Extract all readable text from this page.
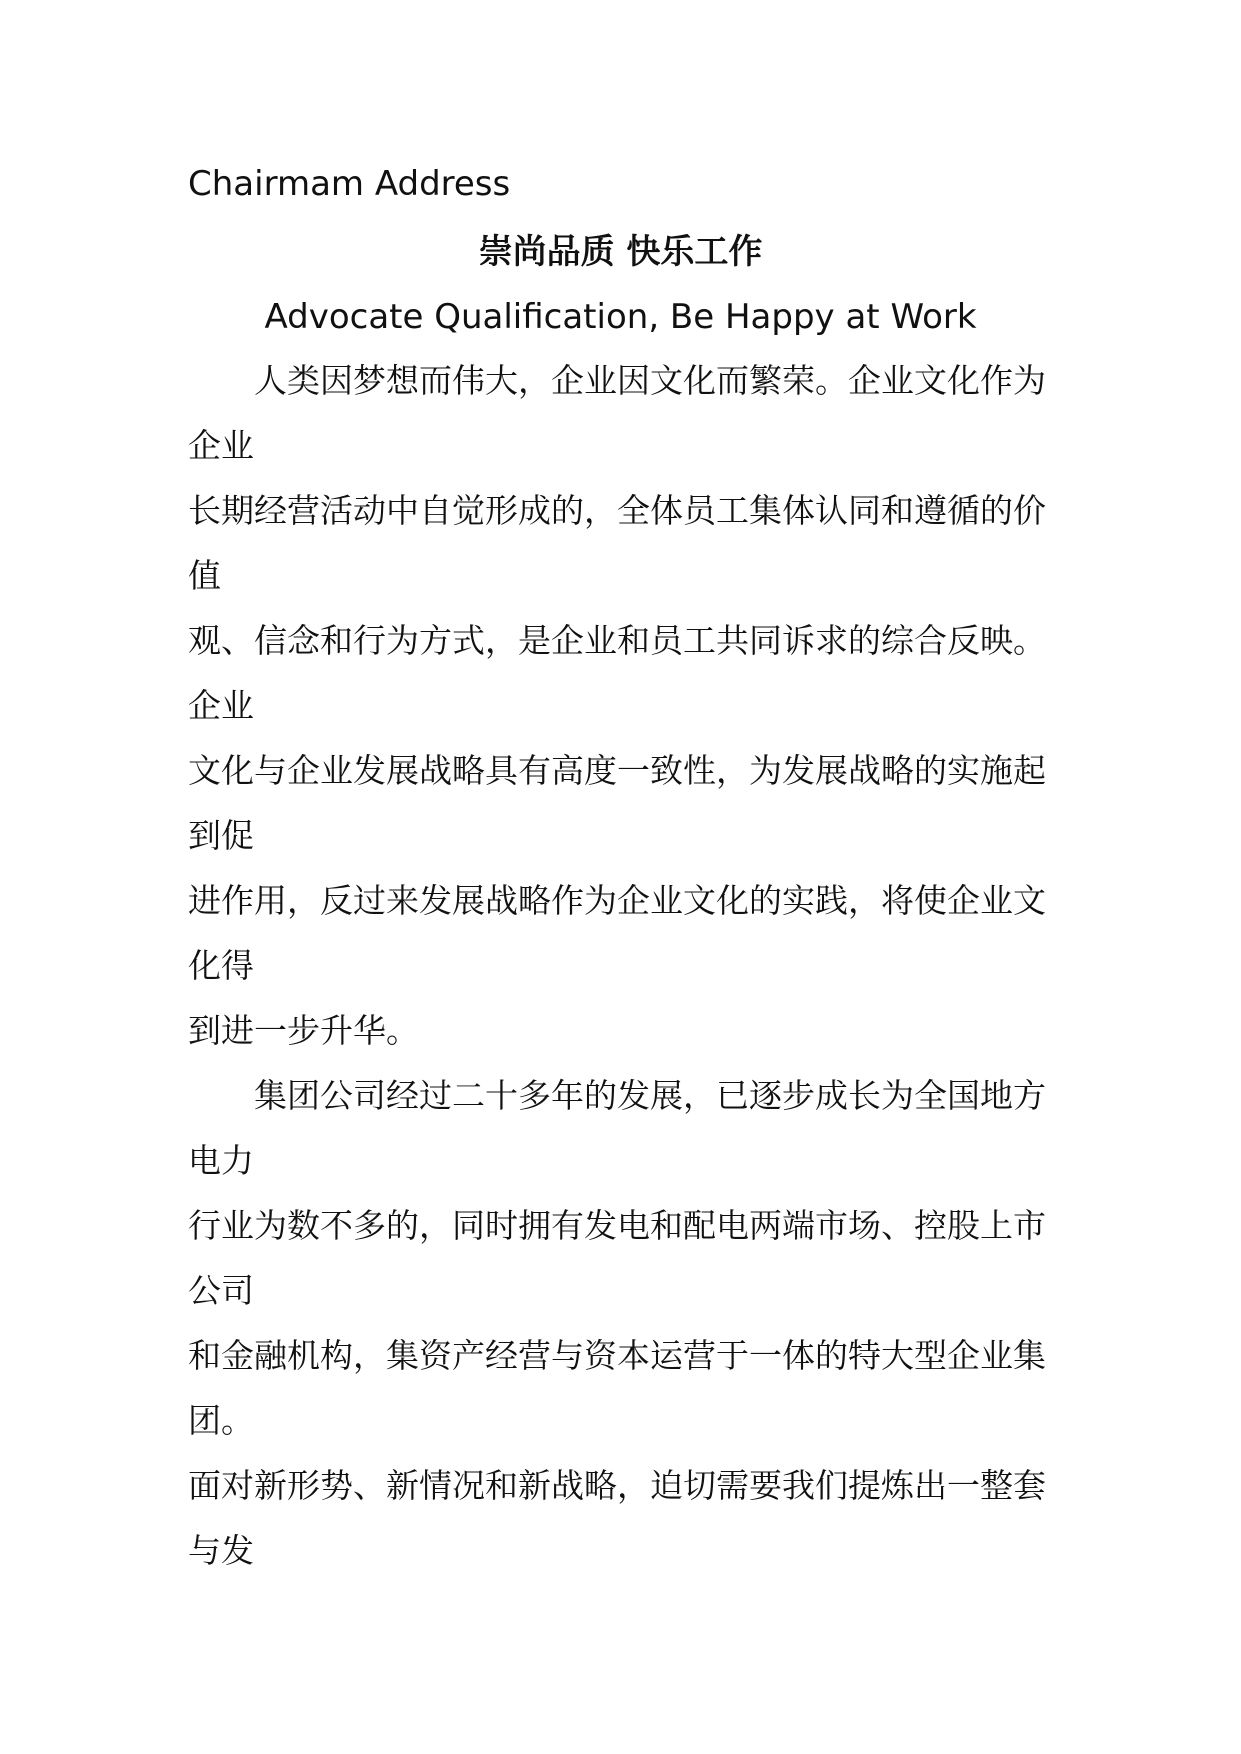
Chairmam Address
崇尚品质 快乐工作
Advocate Qualification, Be Happy at Work
　　人类因梦想而伟大，企业因文化而繁荣。企业文化作为
企业
长期经营活动中自觉形成的，全体员工集体认同和遵循的价
值
观、信念和行为方式，是企业和员工共同诉求的综合反映。
企业
文化与企业发展战略具有高度一致性，为发展战略的实施起
到促
进作用，反过来发展战略作为企业文化的实践，将使企业文
化得
到进一步升华。
　　集团公司经过二十多年的发展，已逐步成长为全国地方
电力
行业为数不多的，同时拥有发电和配电两端市场、控股上市
公司
和金融机构，集资产经营与资本运营于一体的特大型企业集
团。
面对新形势、新情况和新战略，迫切需要我们提炼出一整套
与发
